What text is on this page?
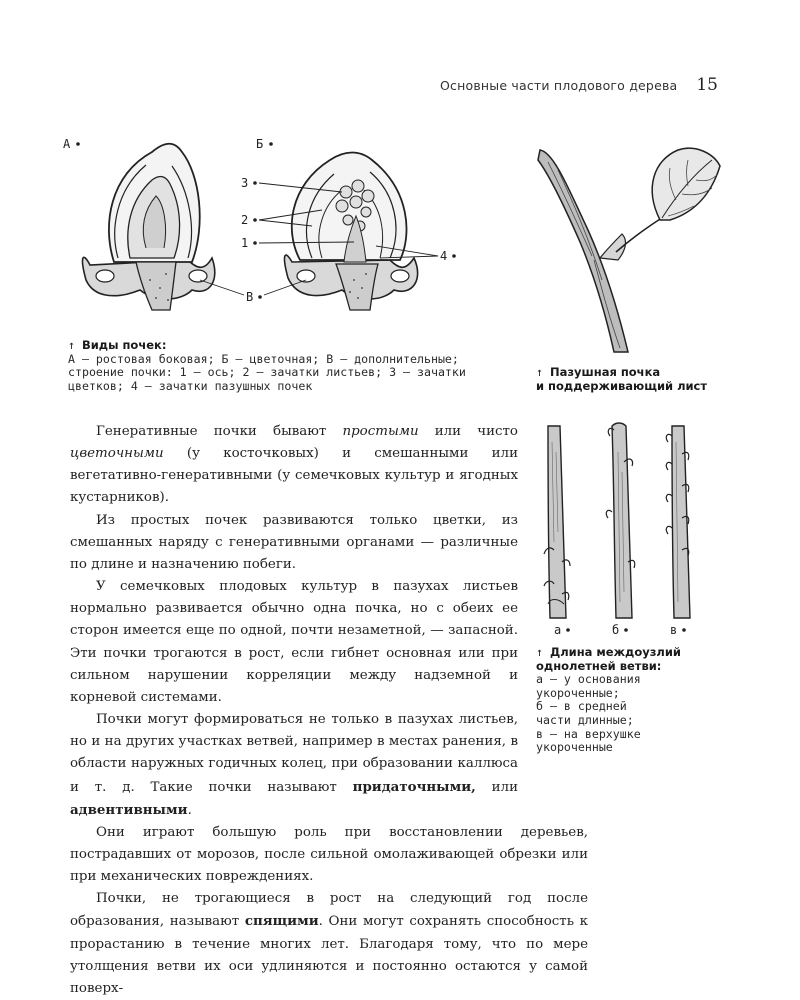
Основные части плодового дерева 15
А	Б
3
2
1
4
В
↑ Виды почек:
А — ростовая боковая; Б — цветочная; В — дополнительные;
строение почки: 1 — ось; 2 — зачатки листьев; 3 — зачатки
цветков; 4 — зачатки пазушных почек
↑ Пазушная почка
и поддерживающий лист
а	б	в
↑ Длина междоузлий
однолетней ветви:
а — у основания
укороченные;
б — в средней
части длинные;
в — на верхушке
укороченные

Генеративные почки бывают простыми или чисто цветочными (у косточковых) и смешанными или вегетативно-генеративными (у семечковых культур и ягодных кустарников).

Из простых почек развиваются только цветки, из смешанных наряду с генеративными органами — различные по длине и назначению побеги.

У семечковых плодовых культур в пазухах листьев нормально развивается обычно одна почка, но с обеих ее сторон имеется еще по одной, почти незаметной, — запасной. Эти почки трогаются в рост, если гибнет основная или при сильном нарушении корреляции между надземной и корневой системами.

Почки могут формироваться не только в пазухах листьев, но и на других участках ветвей, например в местах ранения, в области наружных годичных колец, при образовании каллюса и т. д. Такие почки называют придаточными, или адвентивными.

Они играют большую роль при восстановлении деревьев, пострадавших от морозов, после сильной омолаживающей обрезки или при механических повреждениях.

Почки, не трогающиеся в рост на следующий год после образования, называют спящими. Они могут сохранять способность к прорастанию в течение многих лет. Благодаря тому, что по мере утолщения ветви их оси удлиняются и постоянно остаются у самой поверх-
